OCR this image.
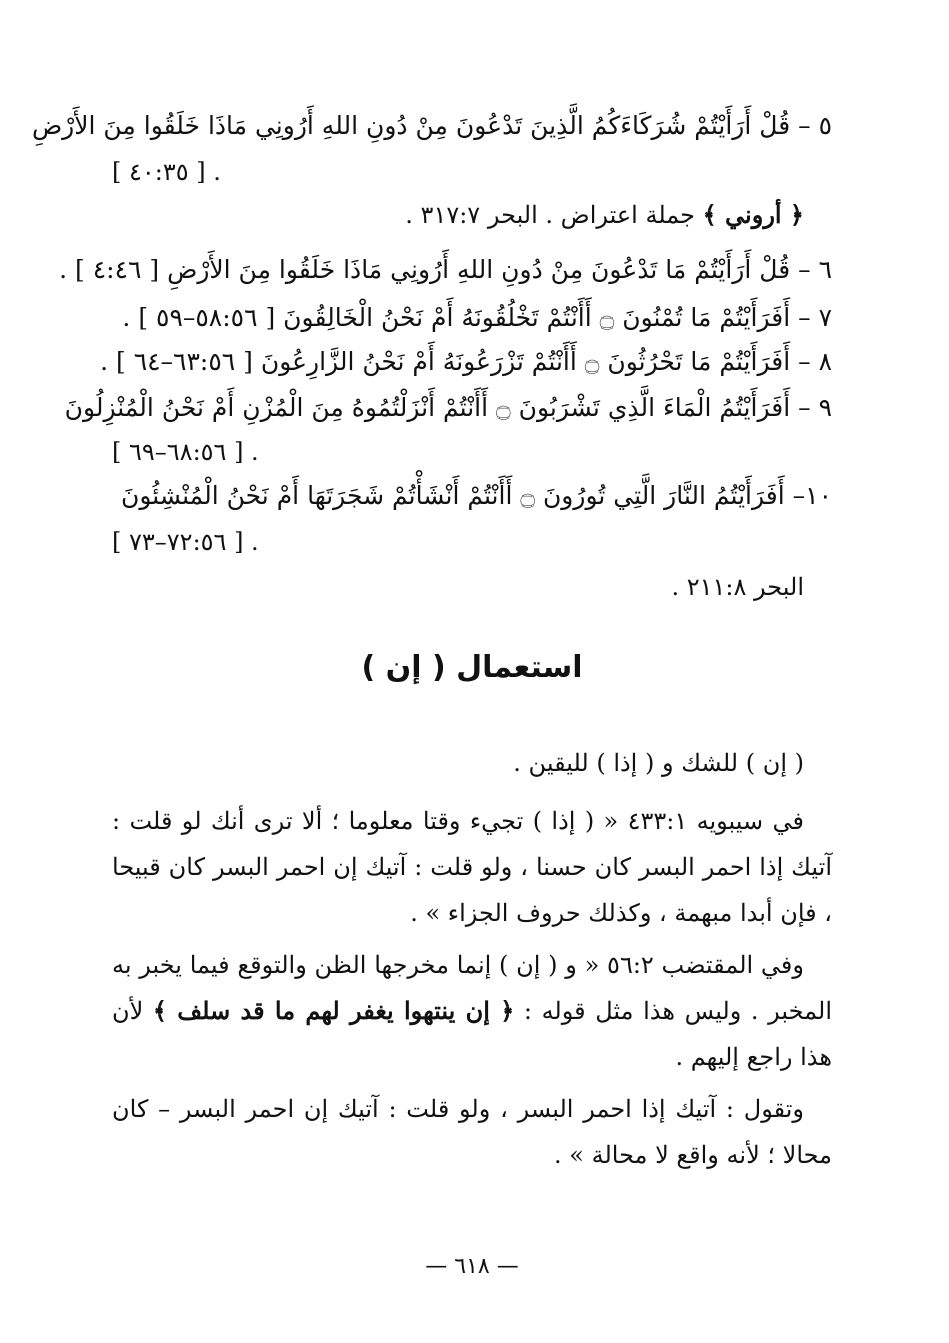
٥ – قُلْ أَرَأَيْتُمْ شُرَكَاءَكُمُ الَّذِينَ تَدْعُونَ مِنْ دُونِ اللهِ أَرُونِي مَاذَا خَلَقُوا مِنَ الأَرْضِ
. [ ٤٠:٣٥ ]
﴿ أروني ﴾ جملة اعتراض . البحر ٣١٧:٧ .
٦ – قُلْ أَرَأَيْتُمْ مَا تَدْعُونَ مِنْ دُونِ اللهِ أَرُونِي مَاذَا خَلَقُوا مِنَ الأَرْضِ [ ٤:٤٦ ] .
٧ – أَفَرَأَيْتُمْ مَا تُمْنُونَ ۝ أَأَنْتُمْ تَخْلُقُونَهُ أَمْ نَحْنُ الْخَالِقُونَ [ ٥٨:٥٦–٥٩ ] .
٨ – أَفَرَأَيْتُمْ مَا تَحْرُثُونَ ۝ أَأَنْتُمْ تَزْرَعُونَهُ أَمْ نَحْنُ الزَّارِعُونَ [ ٦٣:٥٦–٦٤ ] .
٩ – أَفَرَأَيْتُمُ الْمَاءَ الَّذِي تَشْرَبُونَ ۝ أَأَنْتُمْ أَنْزَلْتُمُوهُ مِنَ الْمُزْنِ أَمْ نَحْنُ الْمُنْزِلُونَ
. [ ٦٨:٥٦–٦٩ ]
١٠– أَفَرَأَيْتُمُ النَّارَ الَّتِي تُورُونَ ۝ أَأَنْتُمْ أَنْشَأْتُمْ شَجَرَتَهَا أَمْ نَحْنُ الْمُنْشِئُونَ
. [ ٧٢:٥٦–٧٣ ]
البحر ٢١١:٨ .
استعمال ( إن )
( إن ) للشك و ( إذا ) لليقين .
في سيبويه ٤٣٣:١ « ( إذا ) تجيء وقتا معلوما ؛ ألا ترى أنك لو قلت : آتيك إذا احمر البسر كان حسنا ، ولو قلت : آتيك إن احمر البسر كان قبيحا ، فإن أبدا مبهمة ، وكذلك حروف الجزاء » .
وفي المقتضب ٥٦:٢ « و ( إن ) إنما مخرجها الظن والتوقع فيما يخبر به المخبر . وليس هذا مثل قوله : ﴿ إن ينتهوا يغفر لهم ما قد سلف ﴾ لأن هذا راجع إليهم .
وتقول : آتيك إذا احمر البسر ، ولو قلت : آتيك إن احمر البسر – كان محالا ؛ لأنه واقع لا محالة » .
— ٦١٨ —
